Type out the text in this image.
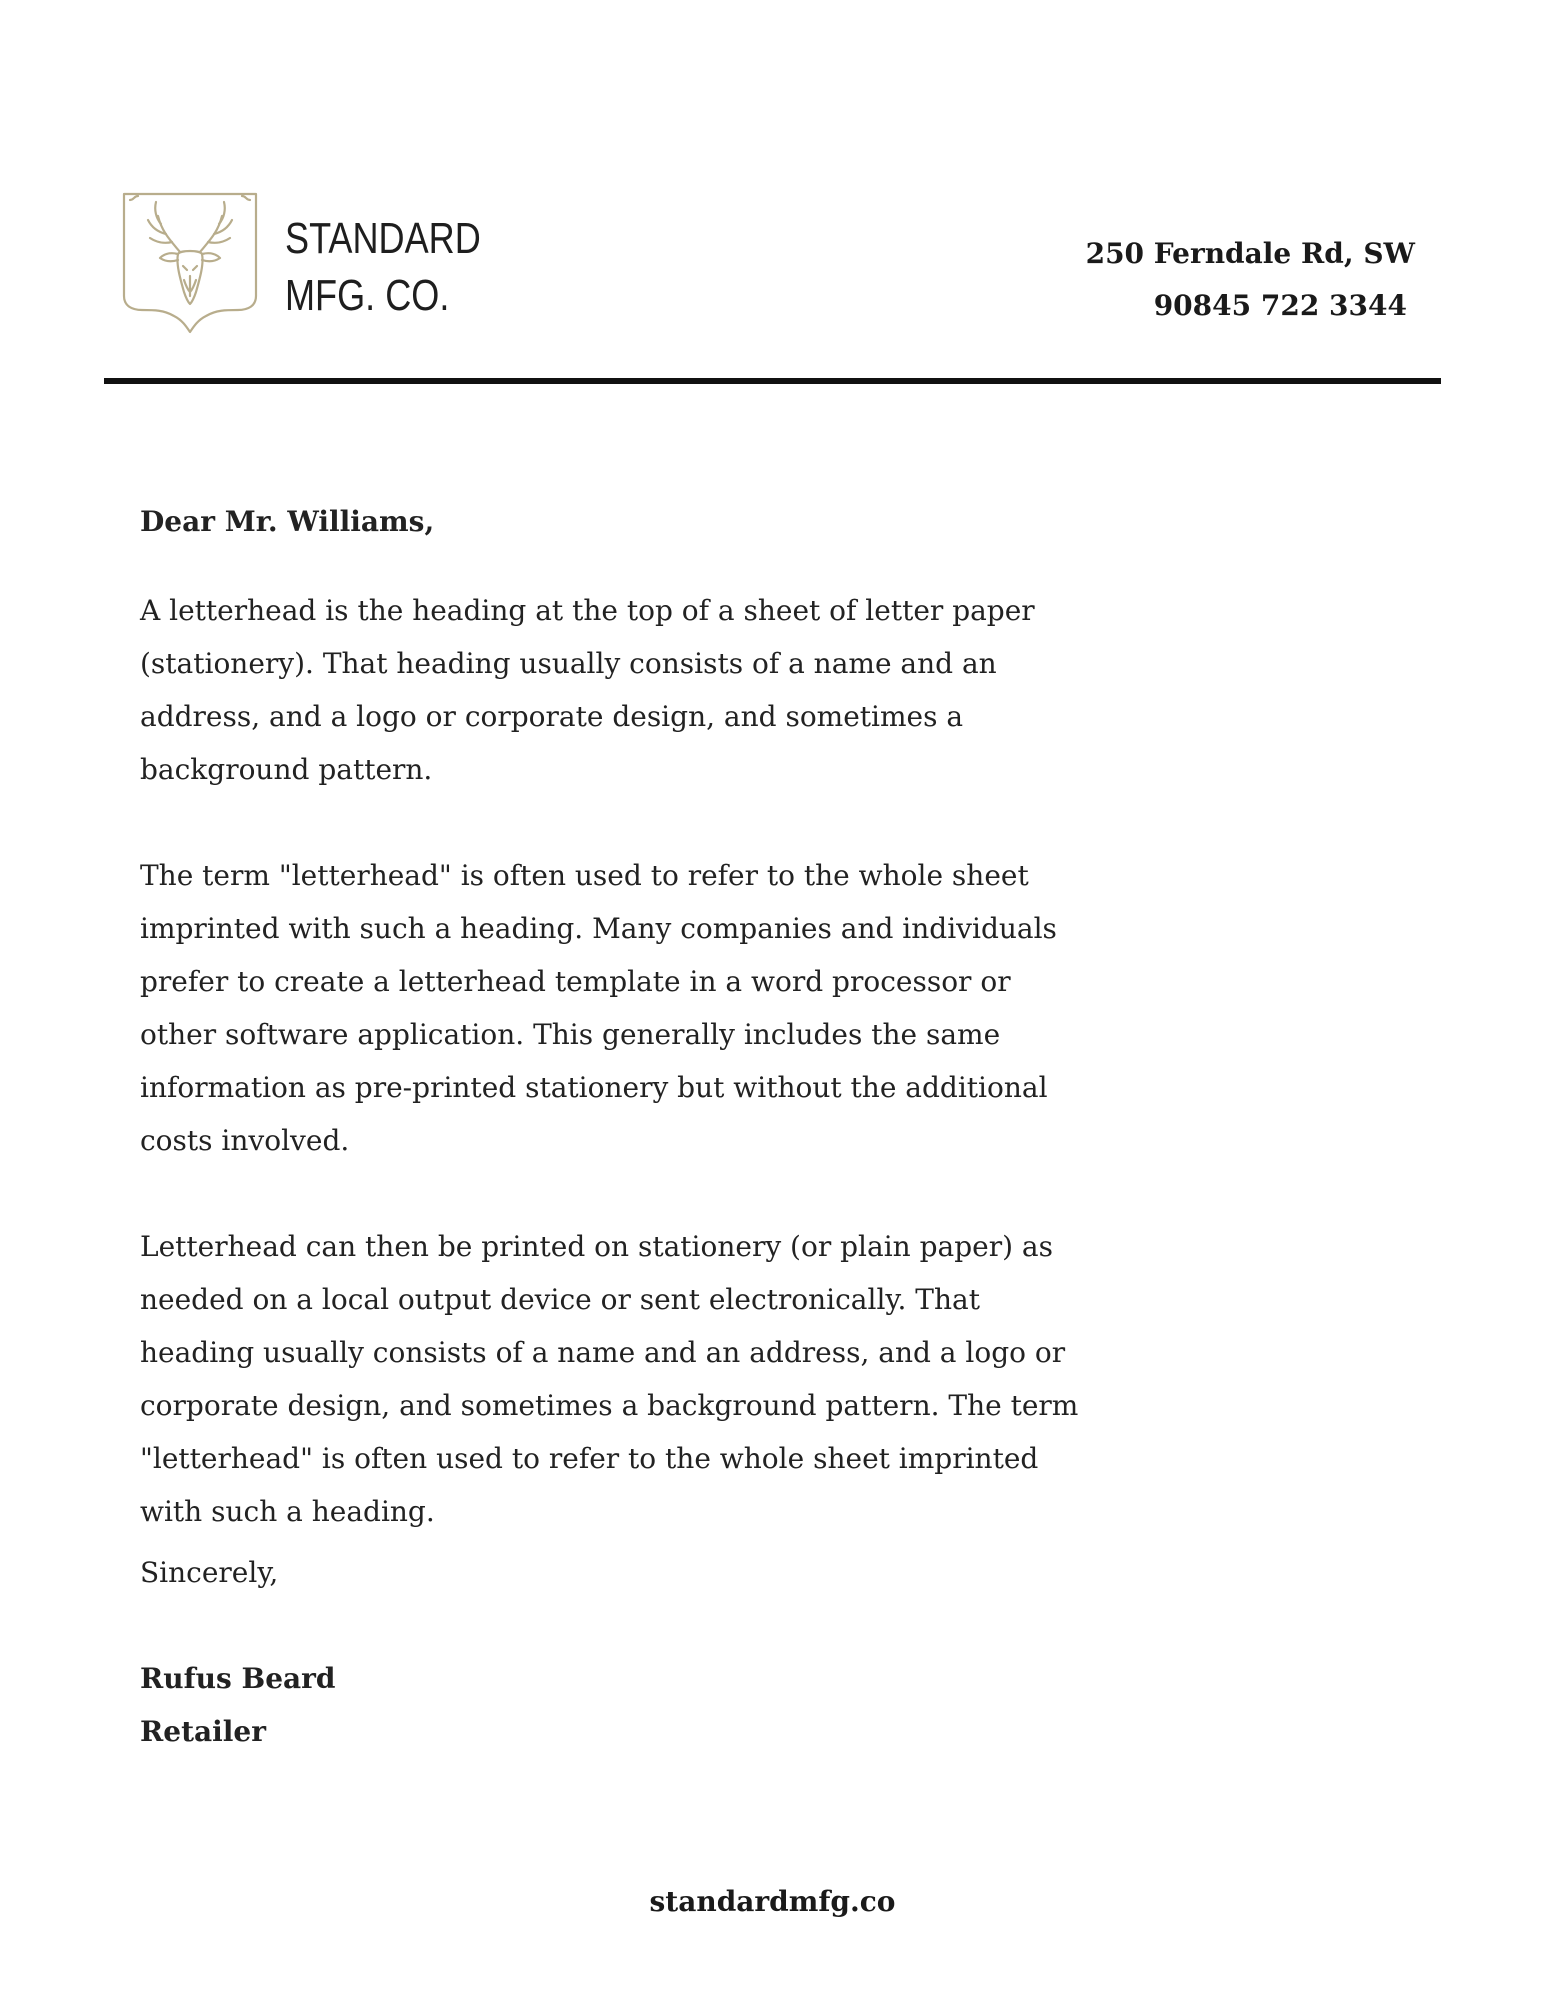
STANDARD
MFG. CO.
250 Ferndale Rd, SW
90845 722 3344

Dear Mr. Williams,

A letterhead is the heading at the top of a sheet of letter paper
(stationery). That heading usually consists of a name and an
address, and a logo or corporate design, and sometimes a
background pattern.

The term "letterhead" is often used to refer to the whole sheet
imprinted with such a heading. Many companies and individuals
prefer to create a letterhead template in a word processor or
other software application. This generally includes the same
information as pre-printed stationery but without the additional
costs involved.

Letterhead can then be printed on stationery (or plain paper) as
needed on a local output device or sent electronically. That
heading usually consists of a name and an address, and a logo or
corporate design, and sometimes a background pattern. The term
"letterhead" is often used to refer to the whole sheet imprinted
with such a heading.

Sincerely,

Rufus Beard

Retailer

standardmfg.co
